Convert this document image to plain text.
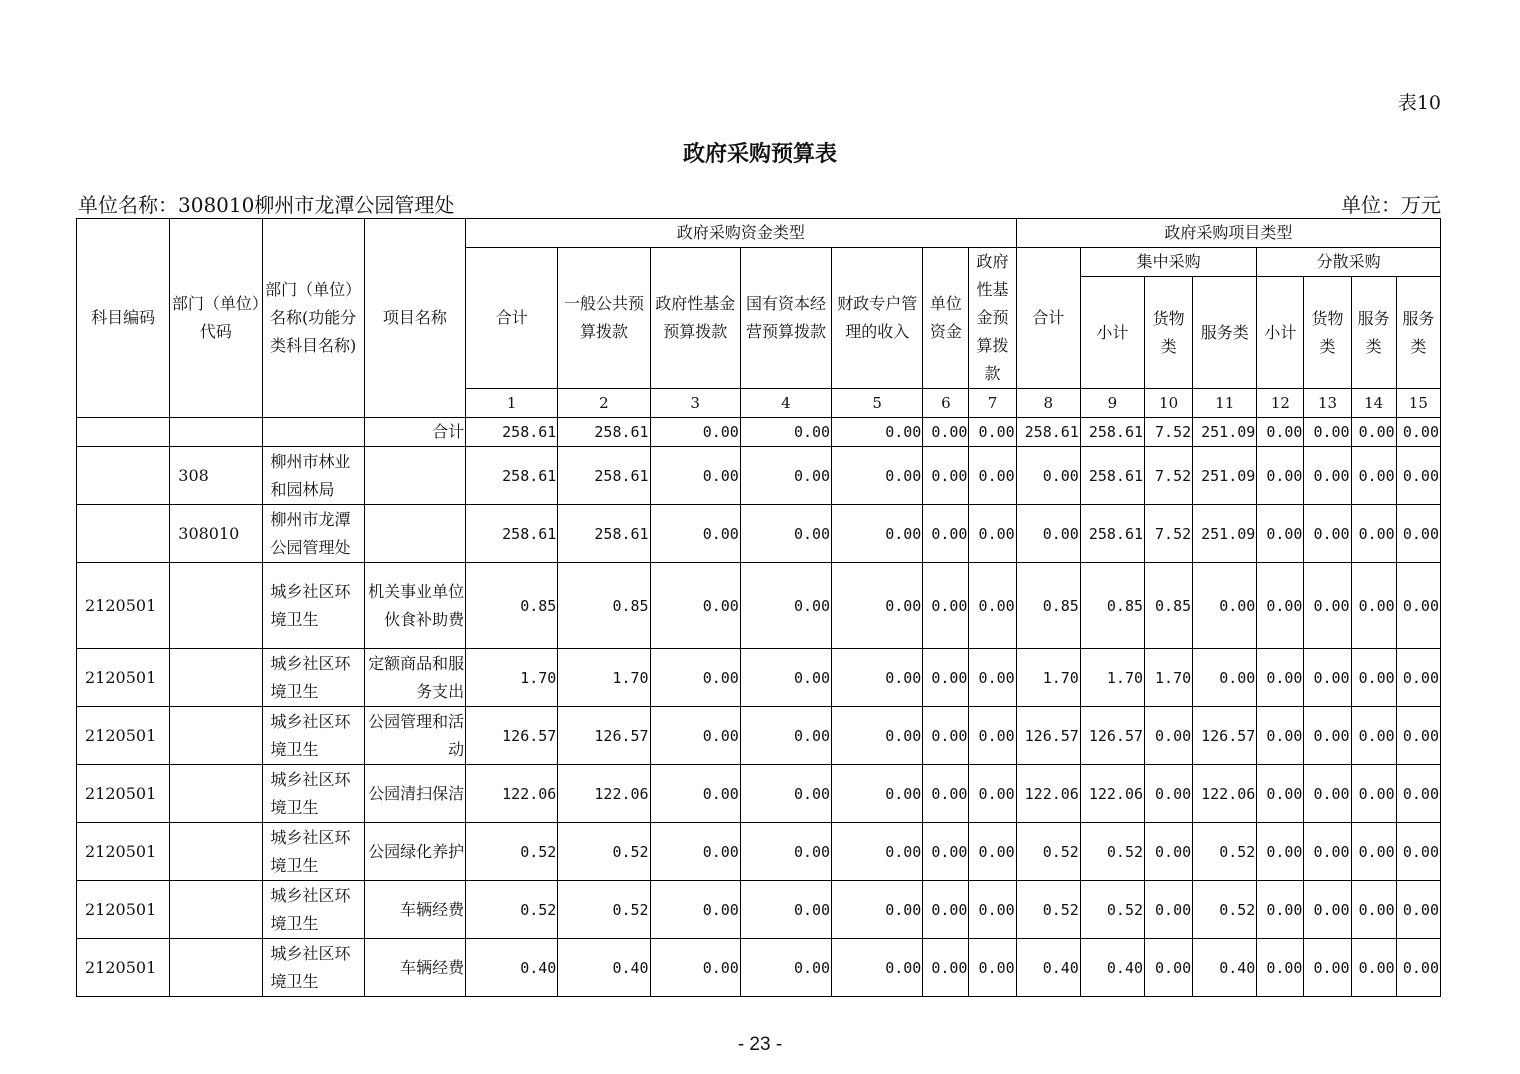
表10
政府采购预算表
单位名称：308010柳州市龙潭公园管理处	单位：万元
科目编码	部门（单位）代码	部门（单位）名称(功能分类科目名称)	项目名称	政府采购资金类型							政府采购项目类型							
				合计	一般公共预算拨款	政府性基金预算拨款	国有资本经营预算拨款	财政专户管理的收入	单位资金	政府性基金预算拨款	合计	集中采购			分散采购			
												小计	货物类	服务类	小计	货物类	服务类	服务类
				1	2	3	4	5	6	7	8	9	10	11	12	13	14	15
			合计	258.61	258.61	0.00	0.00	0.00	0.00	0.00	258.61	258.61	7.52	251.09	0.00	0.00	0.00	0.00
	308	柳州市林业和园林局		258.61	258.61	0.00	0.00	0.00	0.00	0.00	0.00	258.61	7.52	251.09	0.00	0.00	0.00	0.00
	308010	柳州市龙潭公园管理处		258.61	258.61	0.00	0.00	0.00	0.00	0.00	0.00	258.61	7.52	251.09	0.00	0.00	0.00	0.00
2120501		城乡社区环境卫生	机关事业单位伙食补助费	0.85	0.85	0.00	0.00	0.00	0.00	0.00	0.85	0.85	0.85	0.00	0.00	0.00	0.00	0.00
2120501		城乡社区环境卫生	定额商品和服务支出	1.70	1.70	0.00	0.00	0.00	0.00	0.00	1.70	1.70	1.70	0.00	0.00	0.00	0.00	0.00
2120501		城乡社区环境卫生	公园管理和活动	126.57	126.57	0.00	0.00	0.00	0.00	0.00	126.57	126.57	0.00	126.57	0.00	0.00	0.00	0.00
2120501		城乡社区环境卫生	公园清扫保洁	122.06	122.06	0.00	0.00	0.00	0.00	0.00	122.06	122.06	0.00	122.06	0.00	0.00	0.00	0.00
2120501		城乡社区环境卫生	公园绿化养护	0.52	0.52	0.00	0.00	0.00	0.00	0.00	0.52	0.52	0.00	0.52	0.00	0.00	0.00	0.00
2120501		城乡社区环境卫生	车辆经费	0.52	0.52	0.00	0.00	0.00	0.00	0.00	0.52	0.52	0.00	0.52	0.00	0.00	0.00	0.00
2120501		城乡社区环境卫生	车辆经费	0.40	0.40	0.00	0.00	0.00	0.00	0.00	0.40	0.40	0.00	0.40	0.00	0.00	0.00	0.00
- 23 -
